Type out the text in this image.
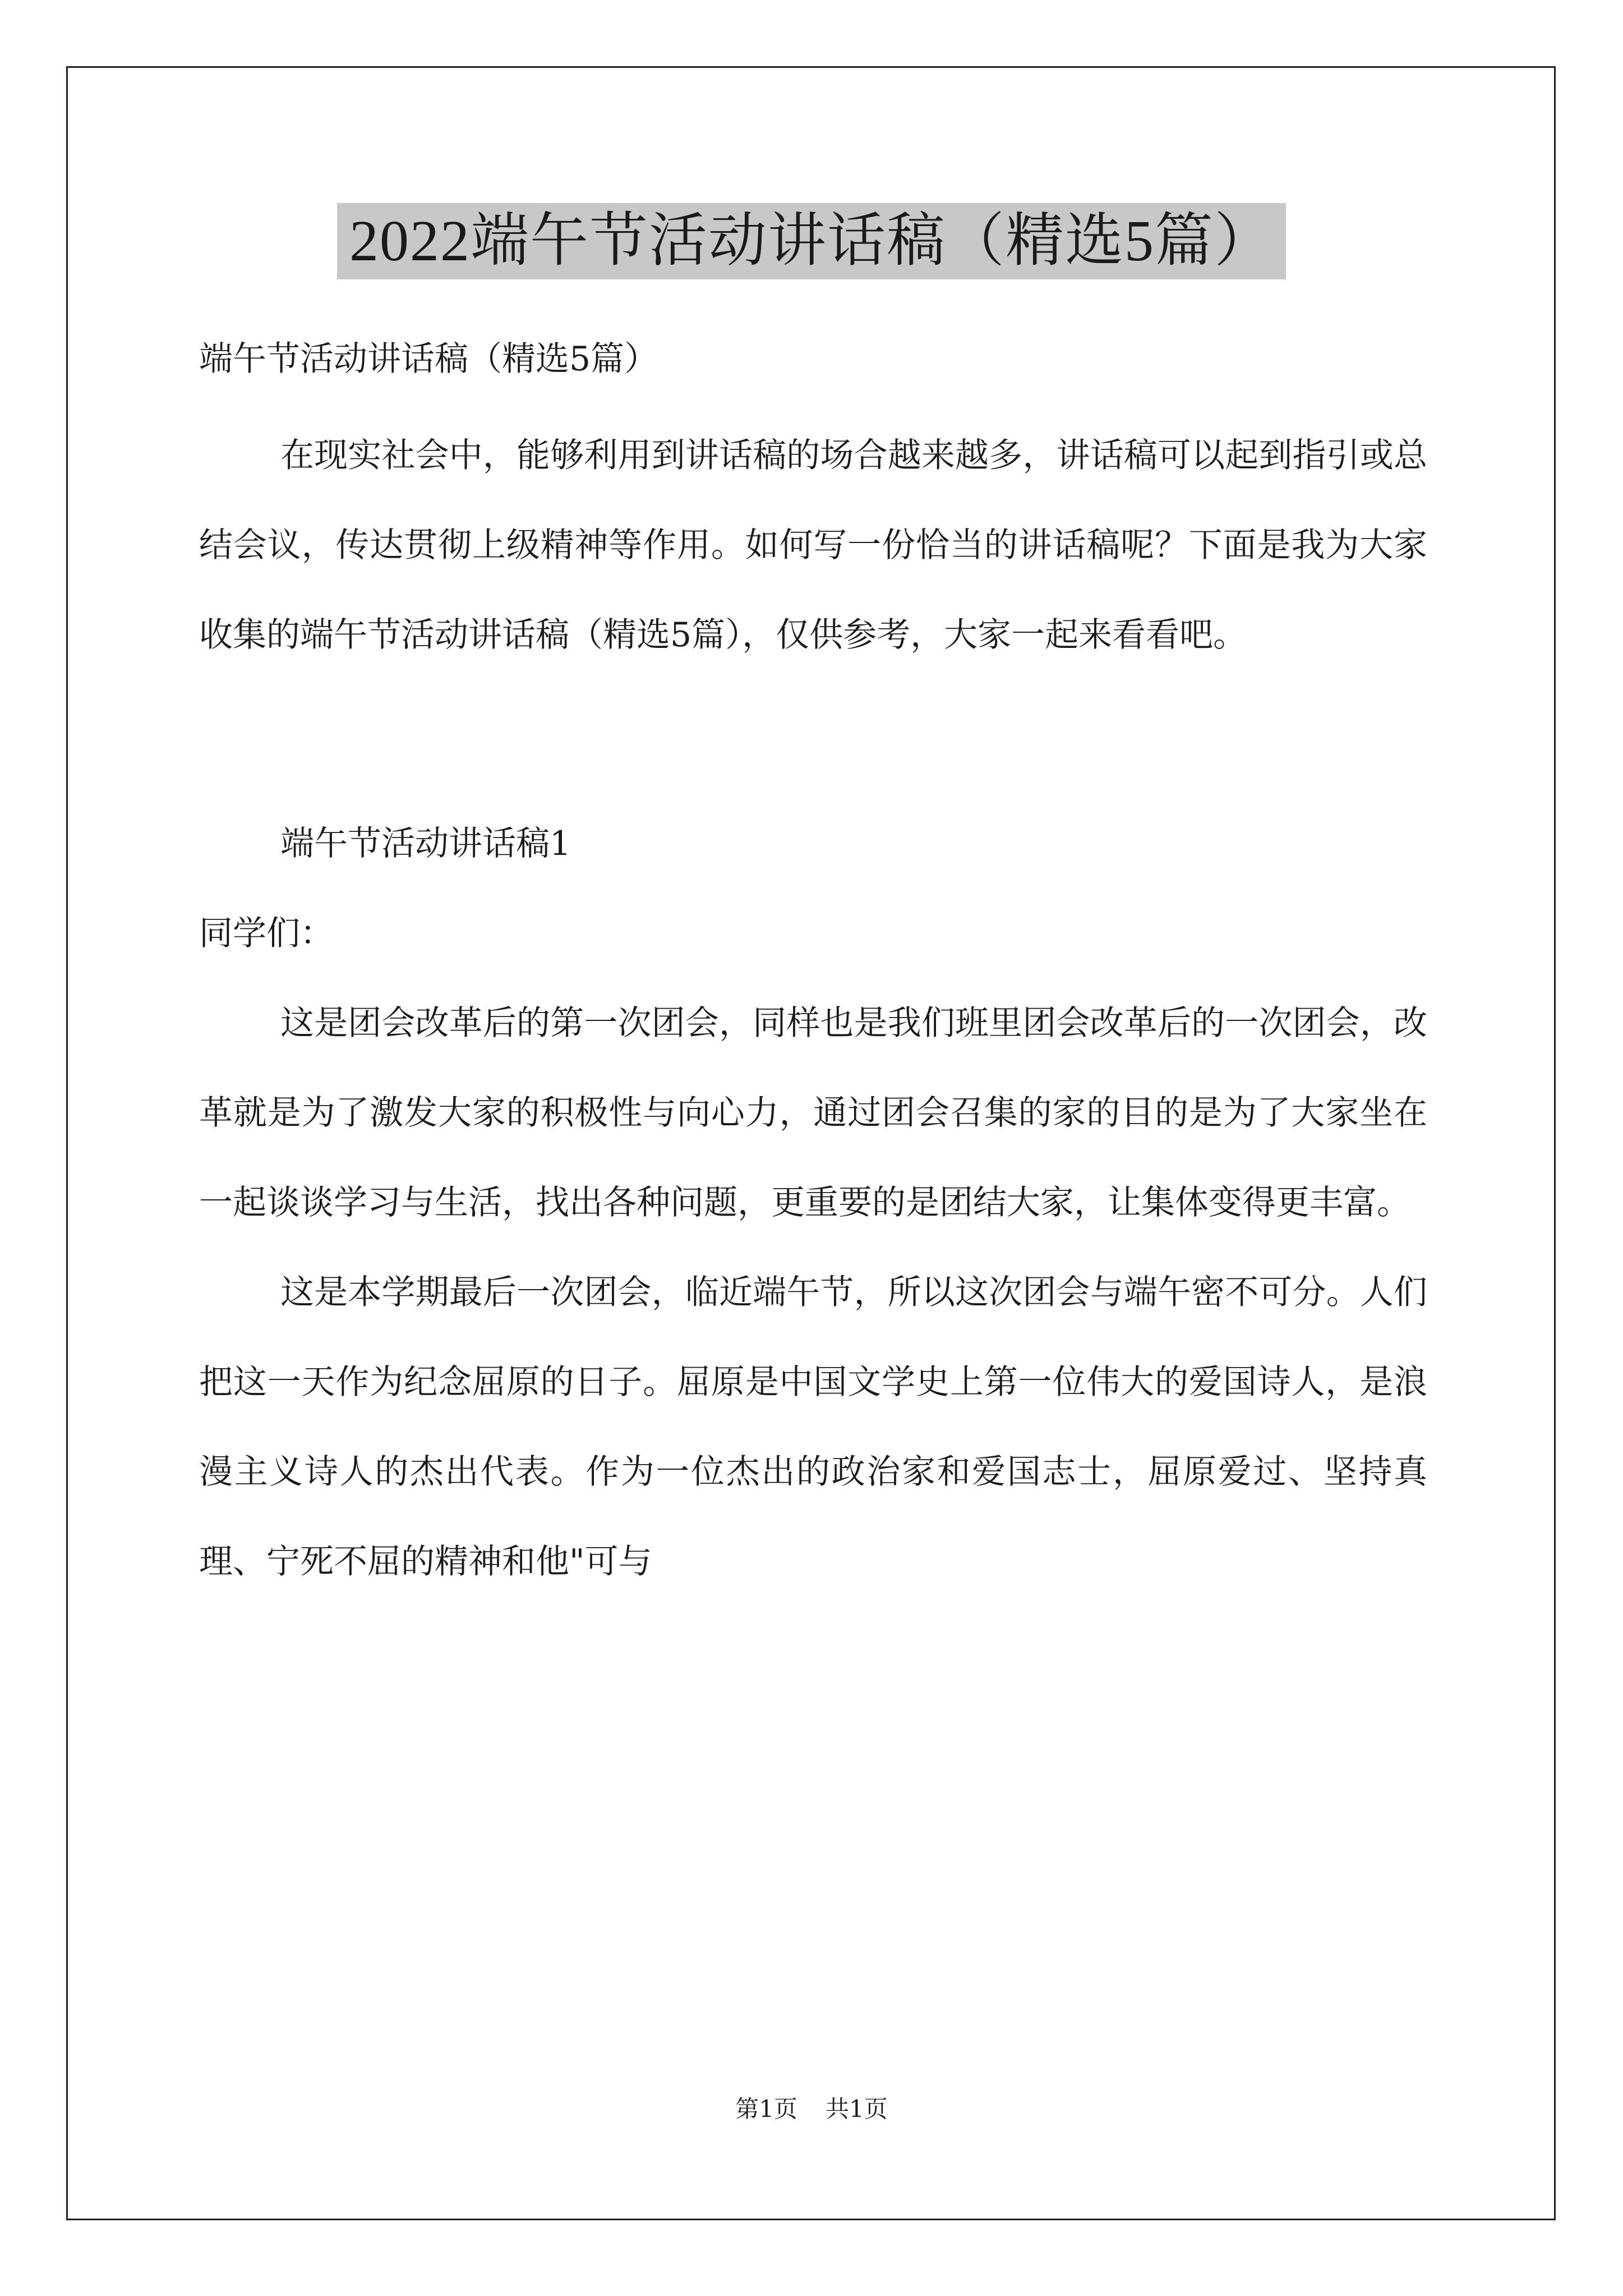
2022端午节活动讲话稿（精选5篇）

端午节活动讲话稿（精选5篇）

在现实社会中，能够利用到讲话稿的场合越来越多，讲话稿可以起到指引或总结会议，传达贯彻上级精神等作用。如何写一份恰当的讲话稿呢？下面是我为大家收集的端午节活动讲话稿（精选5篇），仅供参考，大家一起来看看吧。

端午节活动讲话稿1

同学们：

这是团会改革后的第一次团会，同样也是我们班里团会改革后的一次团会，改革就是为了激发大家的积极性与向心力，通过团会召集的家的目的是为了大家坐在一起谈谈学习与生活，找出各种问题，更重要的是团结大家，让集体变得更丰富。

这是本学期最后一次团会，临近端午节，所以这次团会与端午密不可分。人们把这一天作为纪念屈原的日子。屈原是中国文学史上第一位伟大的爱国诗人，是浪漫主义诗人的杰出代表。作为一位杰出的政治家和爱国志士，屈原爱过、坚持真理、宁死不屈的精神和他"可与

第1页 共1页
